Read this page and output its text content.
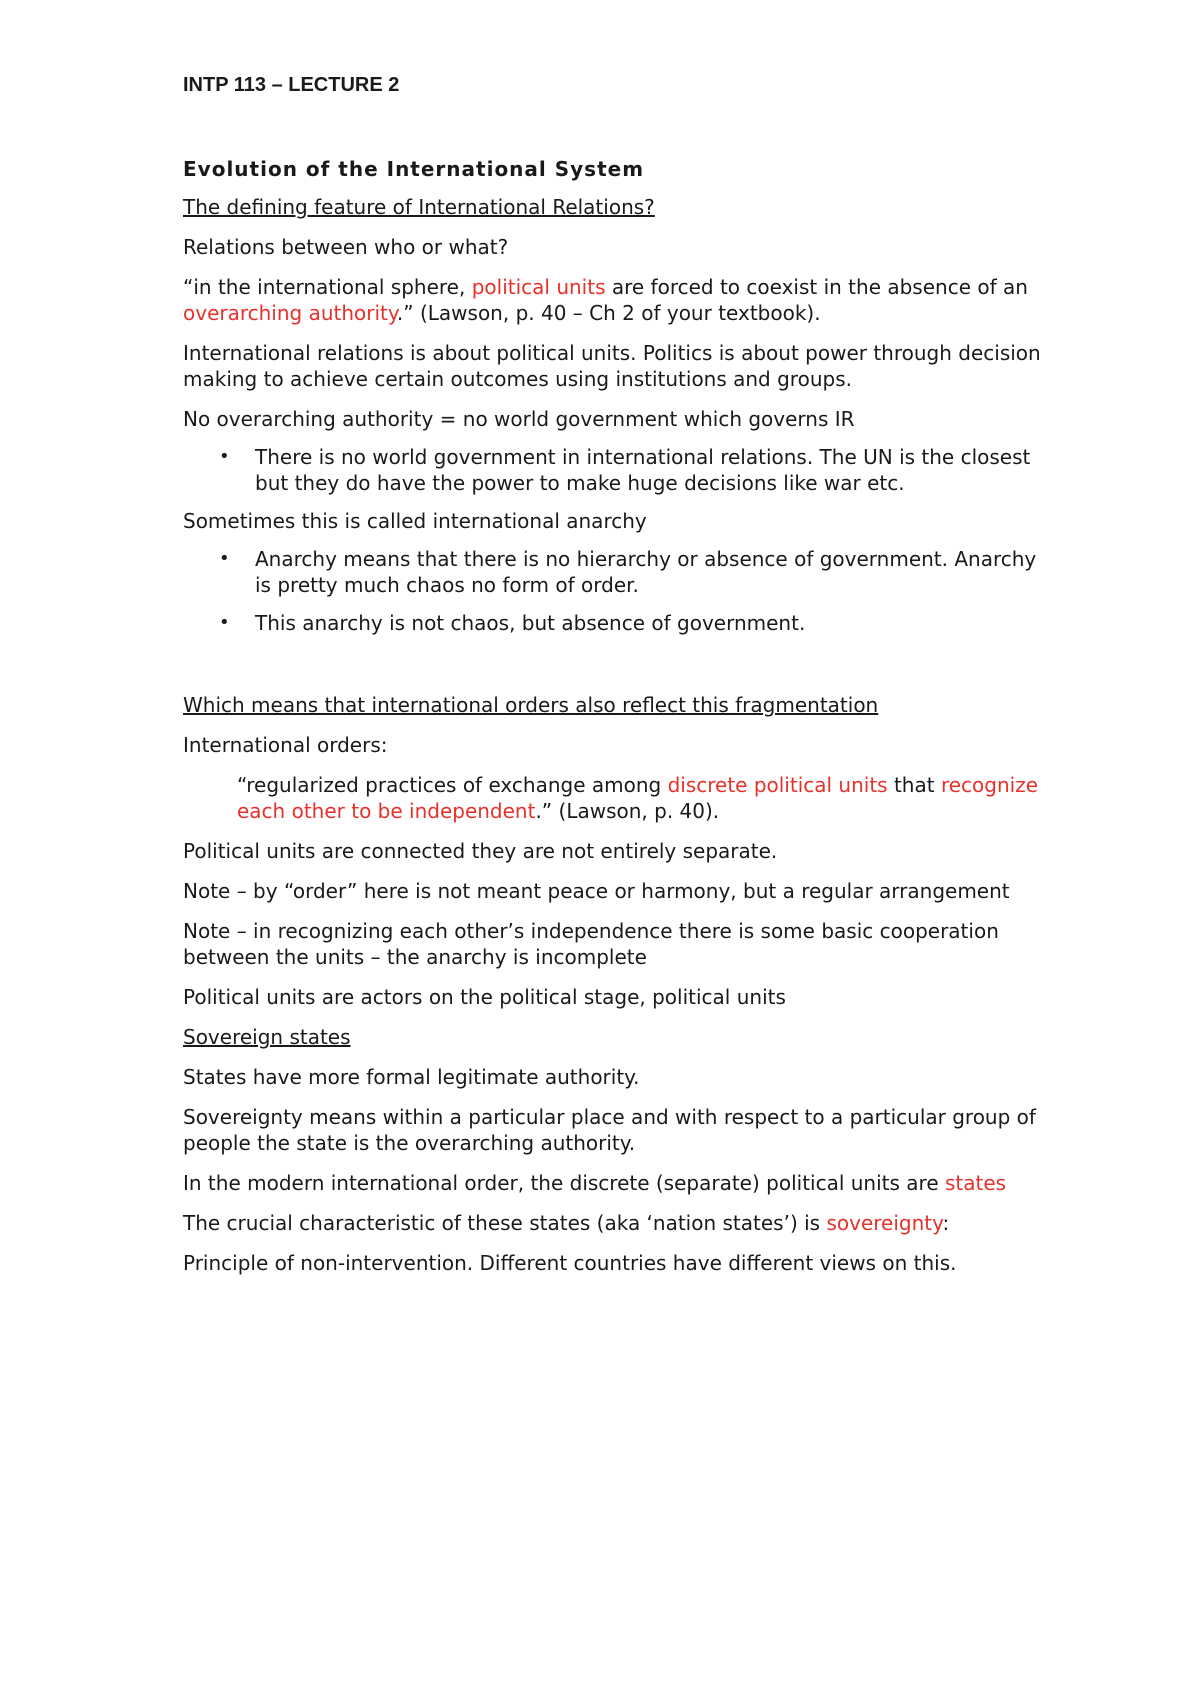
INTP 113 – LECTURE 2
Evolution of the International System

The defining feature of International Relations?

Relations between who or what?

“in the international sphere, political units are forced to coexist in the absence of an overarching authority.” (Lawson, p. 40 – Ch 2 of your textbook).

International relations is about political units. Politics is about power through decision making to achieve certain outcomes using institutions and groups.

No overarching authority = no world government which governs IR

• There is no world government in international relations. The UN is the closest but they do have the power to make huge decisions like war etc.

Sometimes this is called international anarchy

• Anarchy means that there is no hierarchy or absence of government. Anarchy is pretty much chaos no form of order.
• This anarchy is not chaos, but absence of government.

Which means that international orders also reflect this fragmentation

International orders:

“regularized practices of exchange among discrete political units that recognize each other to be independent.” (Lawson, p. 40).

Political units are connected they are not entirely separate.

Note – by “order” here is not meant peace or harmony, but a regular arrangement

Note – in recognizing each other’s independence there is some basic cooperation between the units – the anarchy is incomplete

Political units are actors on the political stage, political units

Sovereign states

States have more formal legitimate authority.

Sovereignty means within a particular place and with respect to a particular group of people the state is the overarching authority.

In the modern international order, the discrete (separate) political units are states

The crucial characteristic of these states (aka ‘nation states’) is sovereignty:

Principle of non-intervention. Different countries have different views on this.
